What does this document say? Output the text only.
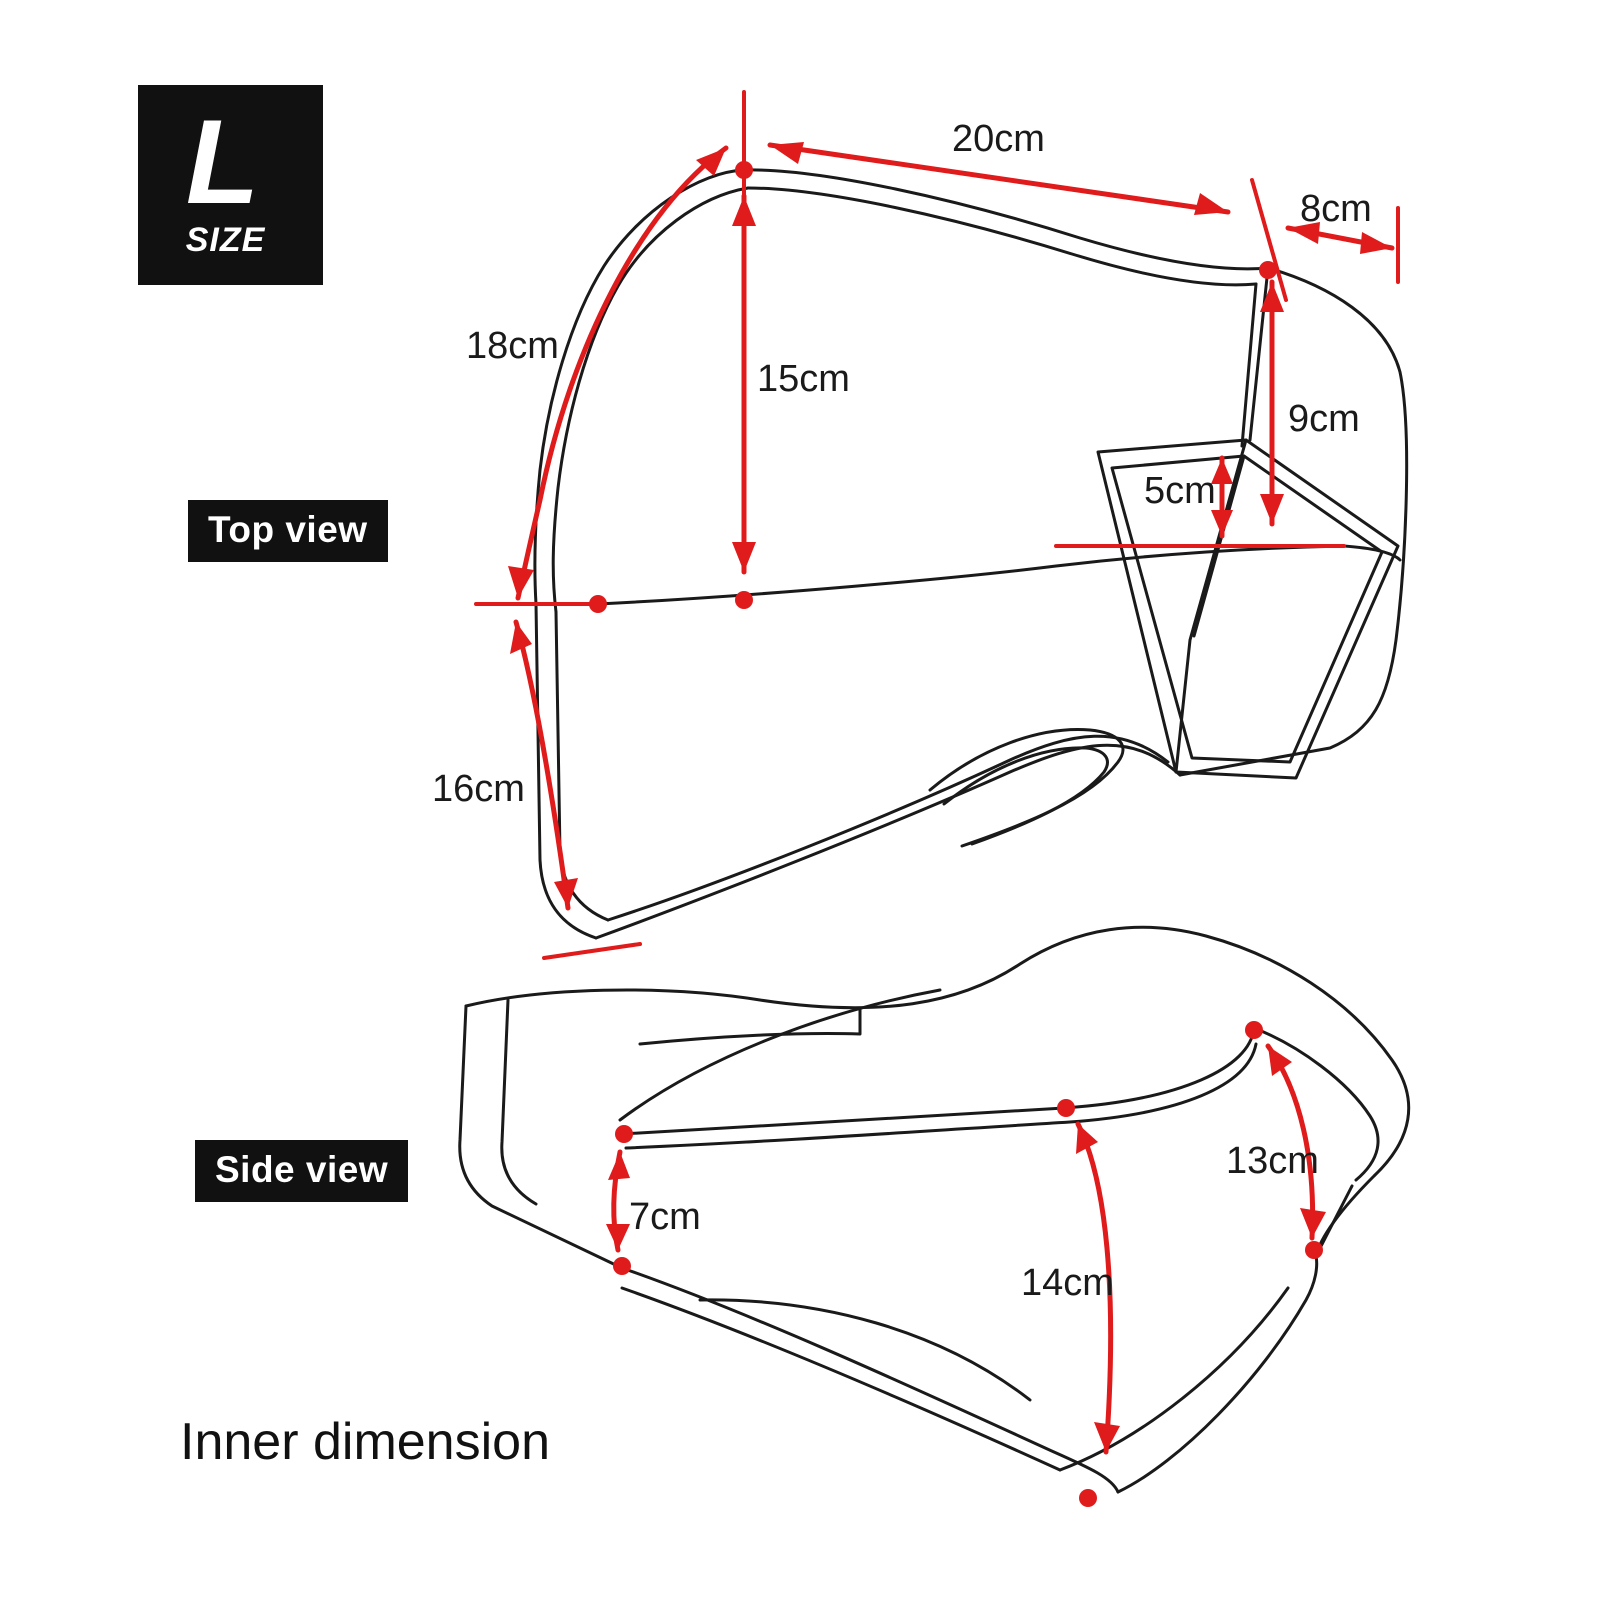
L
SIZE
Top view
Side view
Inner dimension
20cm
8cm
18cm
15cm
9cm
5cm
16cm
7cm
13cm
14cm
